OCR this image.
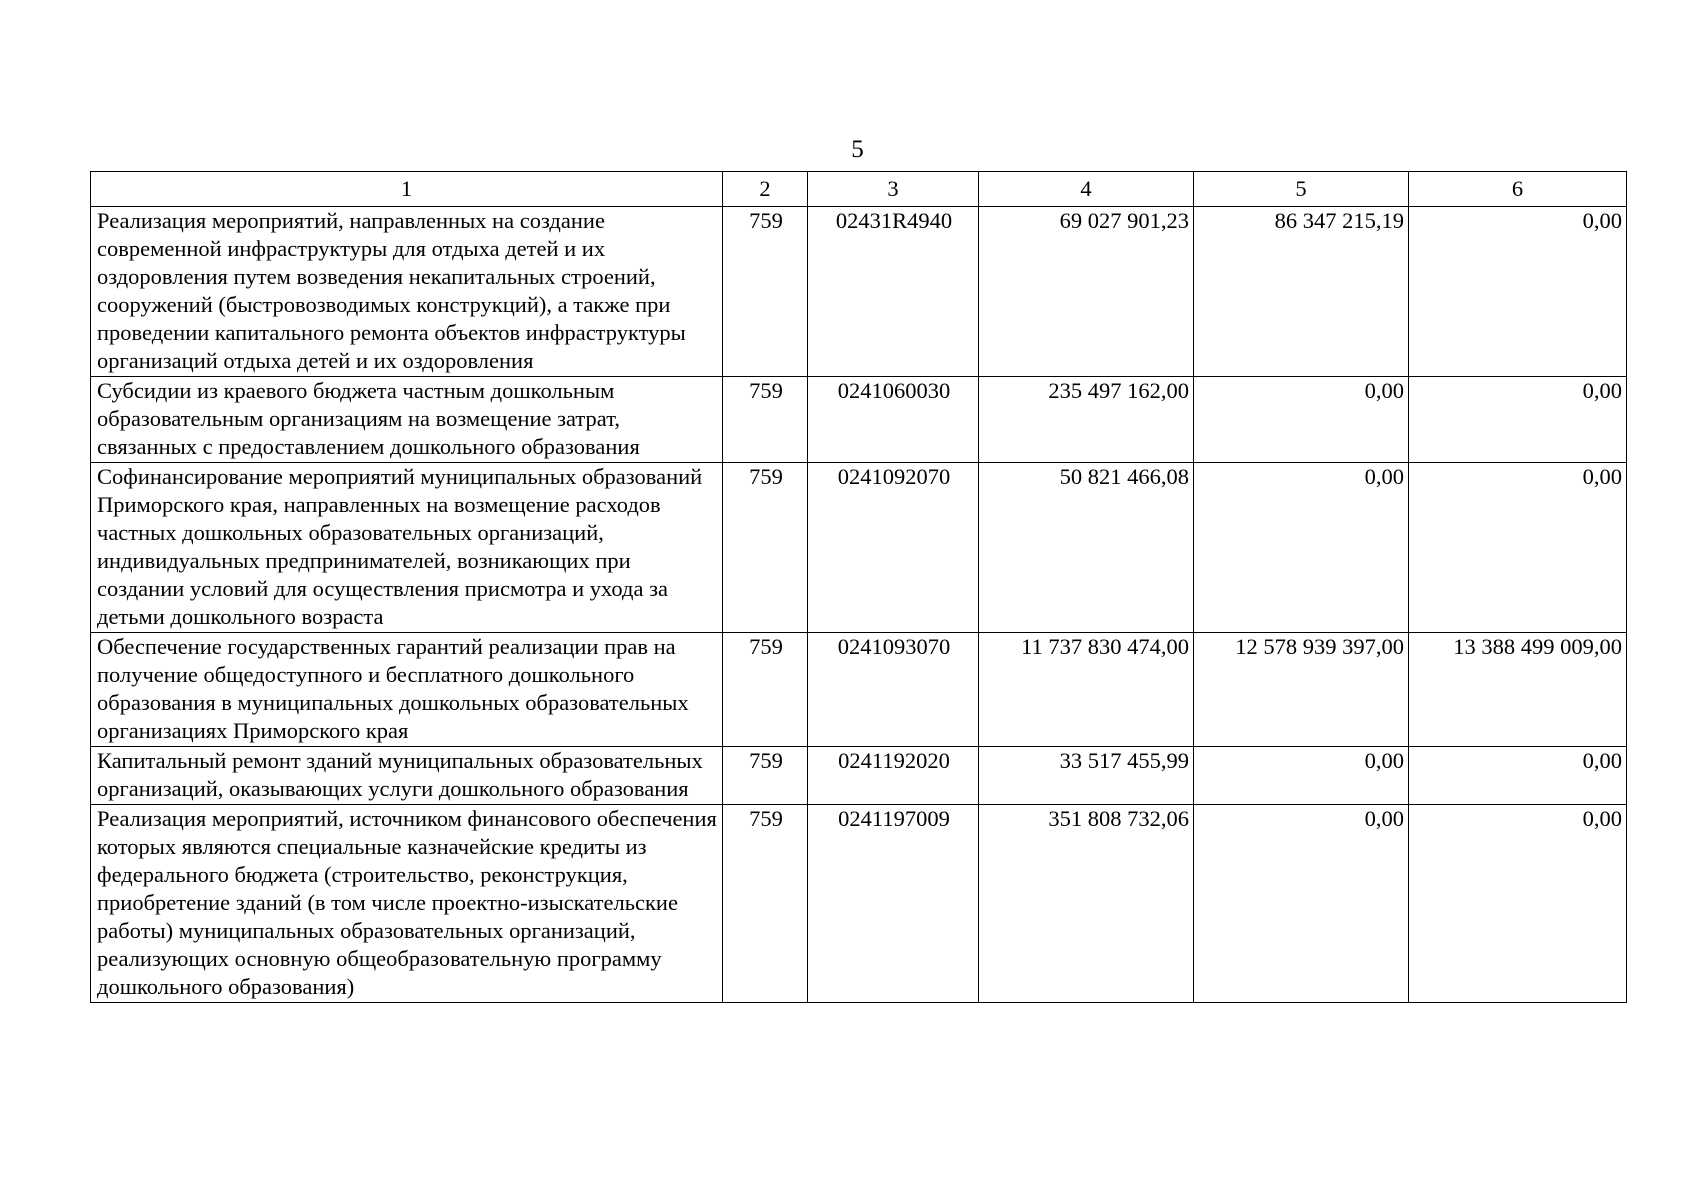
5
1	2	3	4	5	6
Реализация мероприятий, направленных на создание современной инфраструктуры для отдыха детей и их оздоровления путем возведения некапитальных строений, сооружений (быстровозводимых конструкций), а также при проведении капитального ремонта объектов инфраструктуры организаций отдыха детей и их оздоровления	759	02431R4940	69 027 901,23	86 347 215,19	0,00
Субсидии из краевого бюджета частным дошкольным образовательным организациям на возмещение затрат, связанных с предоставлением дошкольного образования	759	0241060030	235 497 162,00	0,00	0,00
Софинансирование мероприятий муниципальных образований Приморского края, направленных на возмещение расходов частных дошкольных образовательных организаций, индивидуальных предпринимателей, возникающих при создании условий для осуществления присмотра и ухода за детьми дошкольного возраста	759	0241092070	50 821 466,08	0,00	0,00
Обеспечение государственных гарантий реализации прав на получение общедоступного и бесплатного дошкольного образования в муниципальных дошкольных образовательных организациях Приморского края	759	0241093070	11 737 830 474,00	12 578 939 397,00	13 388 499 009,00
Капитальный ремонт зданий муниципальных образовательных организаций, оказывающих услуги дошкольного образования	759	0241192020	33 517 455,99	0,00	0,00
Реализация мероприятий, источником финансового обеспечения которых являются специальные казначейские кредиты из федерального бюджета (строительство, реконструкция, приобретение зданий (в том числе проектно-изыскательские работы) муниципальных образовательных организаций, реализующих основную общеобразовательную программу дошкольного образования)	759	0241197009	351 808 732,06	0,00	0,00
